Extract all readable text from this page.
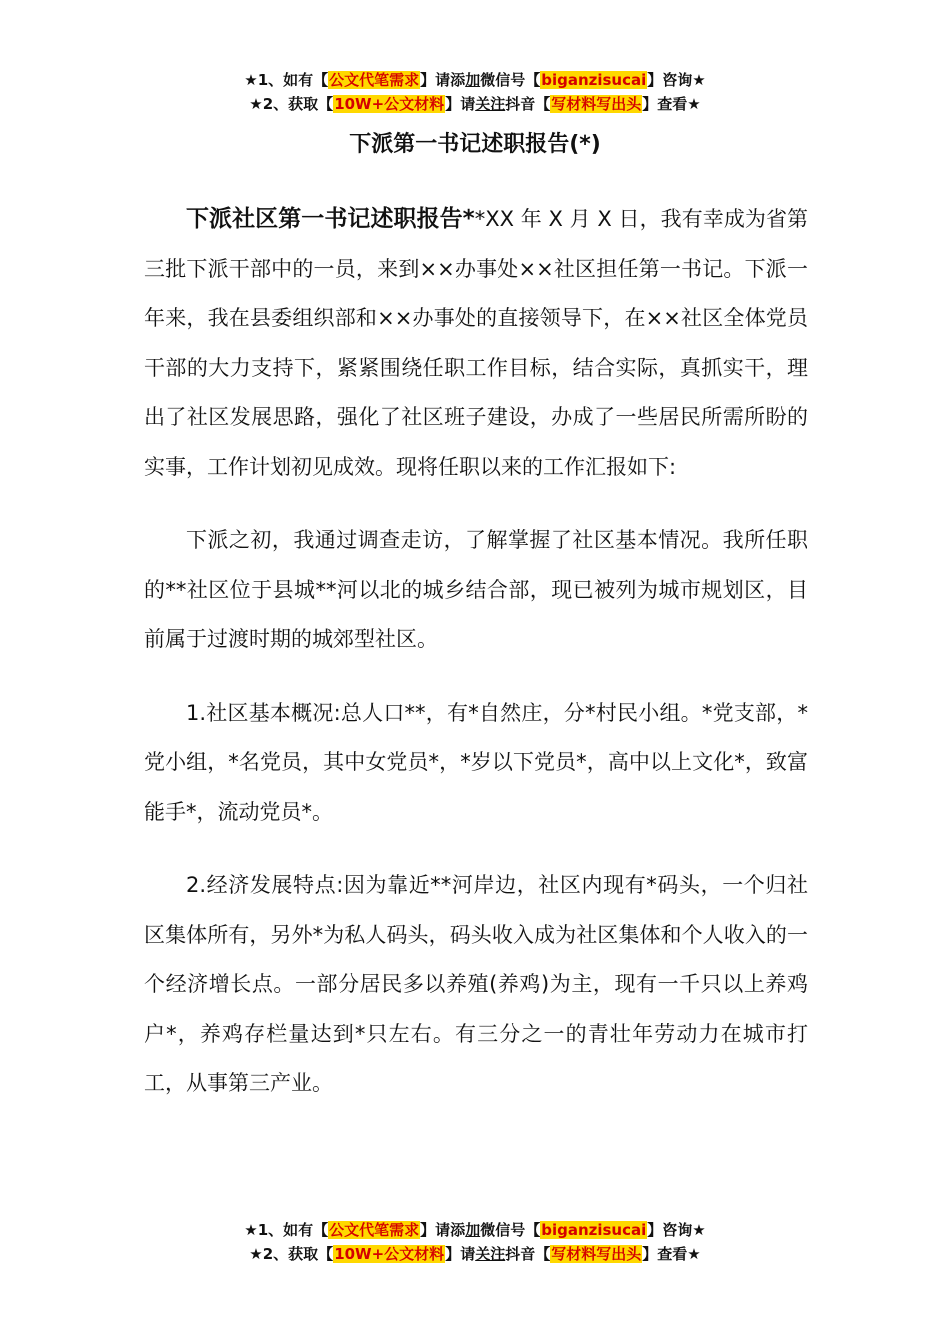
★1、如有【公文代笔需求】请添加微信号【biganzisucai】咨询★
★2、获取【10W+公文材料】请关注抖音【写材料写出头】查看★
下派第一书记述职报告(*)

下派社区第一书记述职报告**XX 年 X 月 X 日，我有幸成为省第三批下派干部中的一员，来到××办事处××社区担任第一书记。下派一年来，我在县委组织部和××办事处的直接领导下，在××社区全体党员干部的大力支持下，紧紧围绕任职工作目标，结合实际，真抓实干，理出了社区发展思路，强化了社区班子建设，办成了一些居民所需所盼的实事，工作计划初见成效。现将任职以来的工作汇报如下:

下派之初，我通过调查走访，了解掌握了社区基本情况。我所任职的**社区位于县城**河以北的城乡结合部，现已被列为城市规划区，目前属于过渡时期的城郊型社区。

1.社区基本概况:总人口**，有*自然庄，分*村民小组。*党支部，*党小组，*名党员，其中女党员*，*岁以下党员*，高中以上文化*，致富能手*，流动党员*。

2.经济发展特点:因为靠近**河岸边，社区内现有*码头，一个归社区集体所有，另外*为私人码头，码头收入成为社区集体和个人收入的一个经济增长点。一部分居民多以养殖(养鸡)为主，现有一千只以上养鸡户*，养鸡存栏量达到*只左右。有三分之一的青壮年劳动力在城市打工，从事第三产业。

★1、如有【公文代笔需求】请添加微信号【biganzisucai】咨询★
★2、获取【10W+公文材料】请关注抖音【写材料写出头】查看★
